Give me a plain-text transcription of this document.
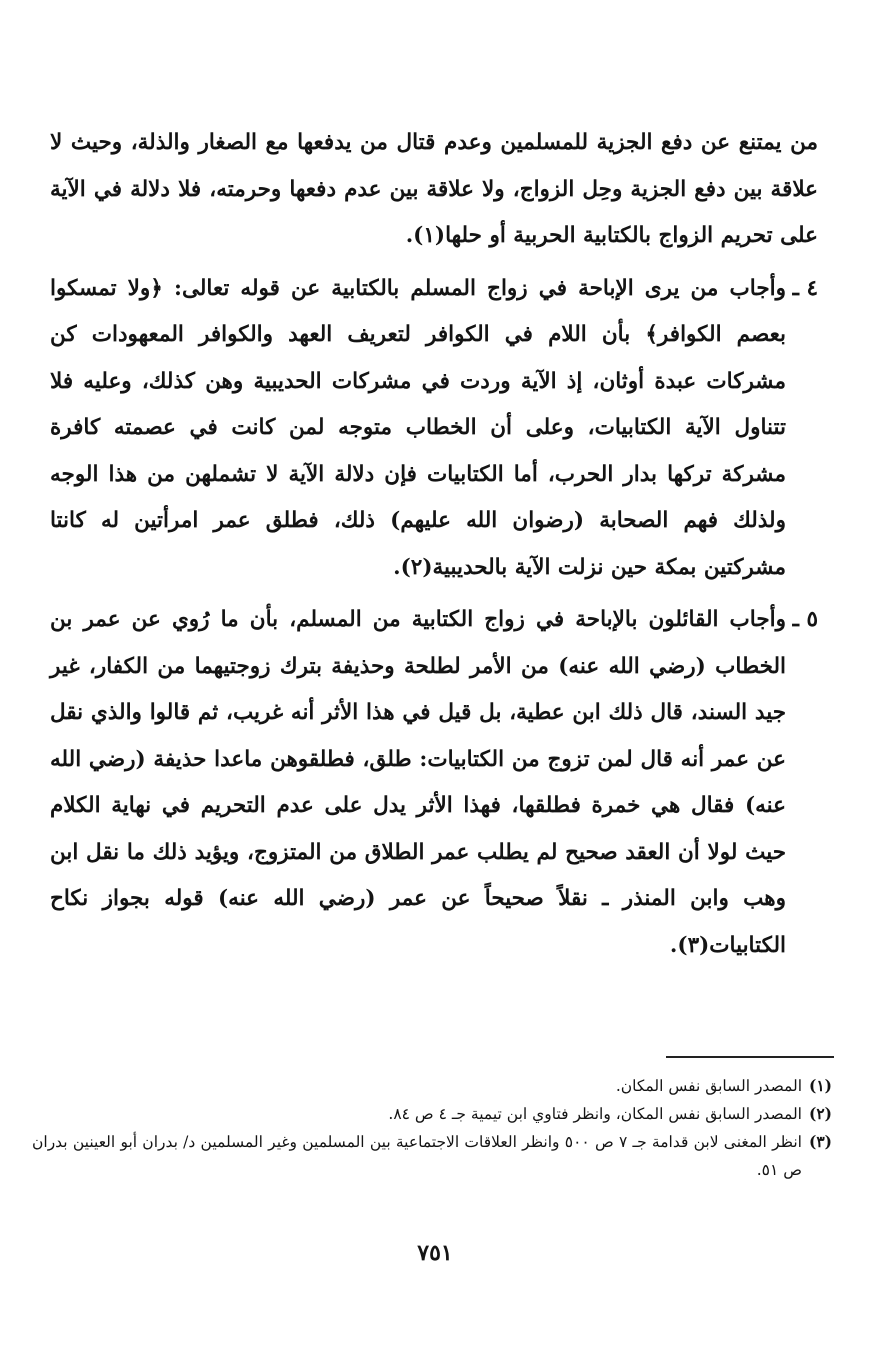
من يمتنع عن دفع الجزية للمسلمين وعدم قتال من يدفعها مع الصغار والذلة، وحيث لا علاقة بين دفع الجزية وحِل الزواج، ولا علاقة بين عدم دفعها وحرمته، فلا دلالة في الآية على تحريم الزواج بالكتابية الحربية أو حلها(١).

٤ ـ
وأجاب من يرى الإباحة في زواج المسلم بالكتابية عن قوله تعالى: ﴿ولا تمسكوا بعصم الكوافر﴾ بأن اللام في الكوافر لتعريف العهد والكوافر المعهودات كن مشركات عبدة أوثان، إذ الآية وردت في مشركات الحديبية وهن كذلك، وعليه فلا تتناول الآية الكتابيات، وعلى أن الخطاب متوجه لمن كانت في عصمته كافرة مشركة تركها بدار الحرب، أما الكتابيات فإن دلالة الآية لا تشملهن من هذا الوجه ولذلك فهم الصحابة (رضوان الله عليهم) ذلك، فطلق عمر امرأتين له كانتا مشركتين بمكة حين نزلت الآية بالحديبية(٢).
٥ ـ
وأجاب القائلون بالإباحة في زواج الكتابية من المسلم، بأن ما رُوي عن عمر بن الخطاب (رضي الله عنه) من الأمر لطلحة وحذيفة بترك زوجتيهما من الكفار، غير جيد السند، قال ذلك ابن عطية، بل قيل في هذا الأثر أنه غريب، ثم قالوا والذي نقل عن عمر أنه قال لمن تزوج من الكتابيات: طلق، فطلقوهن ماعدا حذيفة (رضي الله عنه) فقال هي خمرة فطلقها، فهذا الأثر يدل على عدم التحريم في نهاية الكلام حيث لولا أن العقد صحيح لم يطلب عمر الطلاق من المتزوج، ويؤيد ذلك ما نقل ابن وهب وابن المنذر ـ نقلاً صحيحاً عن عمر (رضي الله عنه) قوله بجواز نكاح الكتابيات(٣).
(١)
المصدر السابق نفس المكان.
(٢)
المصدر السابق نفس المكان، وانظر فتاوي ابن تيمية جـ ٤ ص ٨٤.
(٣)
انظر المغنى لابن قدامة جـ ٧ ص ٥٠٠ وانظر العلاقات الاجتماعية بين المسلمين وغير المسلمين د/ بدران أبو العينين بدران ص ٥١.
٧٥١
